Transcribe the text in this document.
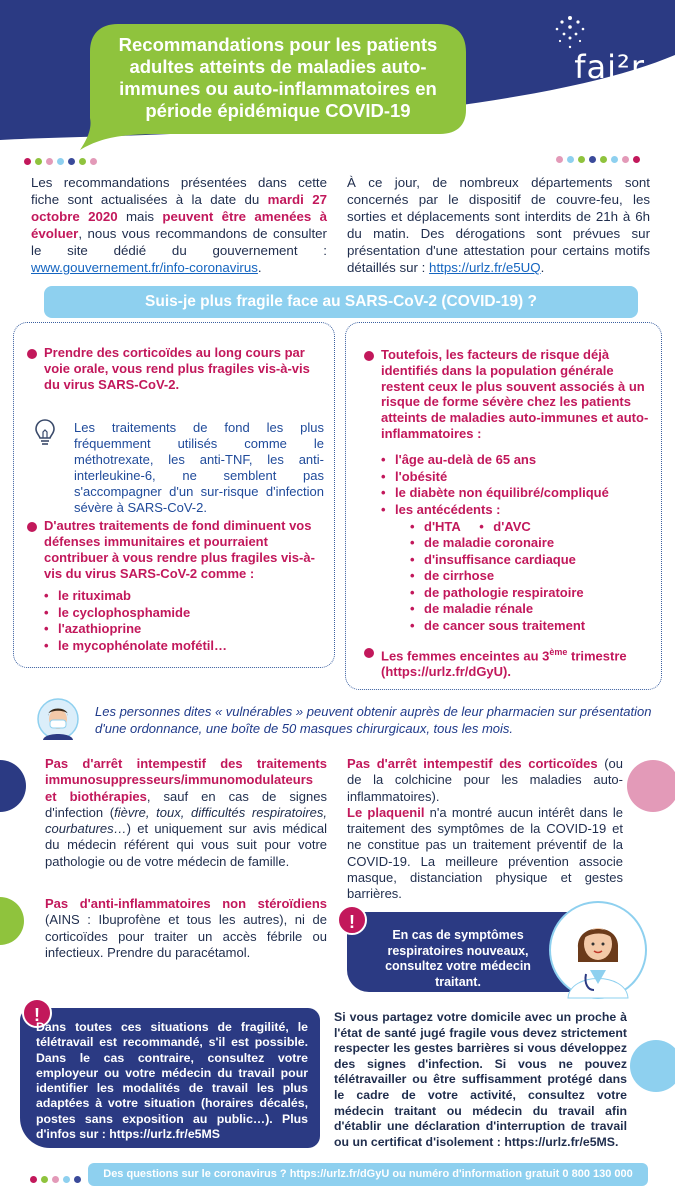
Recommandations pour les patients adultes atteints de maladies auto-immunes ou auto-inflammatoires en période épidémique COVID-19
fai²r
Les recommandations présentées dans cette fiche sont actualisées à la date du mardi 27 octobre 2020 mais peuvent être amenées à évoluer, nous vous recommandons de consulter le site dédié du gouvernement : www.gouvernement.fr/info-coronavirus.
À ce jour, de nombreux départements sont concernés par le dispositif de couvre-feu, les sorties et déplacements sont interdits de 21h à 6h du matin. Des dérogations sont prévues sur présentation d'une attestation pour certains motifs détaillés sur : https://urlz.fr/e5UQ.
Suis-je plus fragile face au SARS-CoV-2 (COVID-19) ?
Prendre des corticoïdes au long cours par voie orale, vous rend plus fragiles vis-à-vis du virus SARS-CoV-2.
Les traitements de fond les plus fréquemment utilisés comme le méthotrexate, les anti-TNF, les anti-interleukine-6, ne semblent pas s'accompagner d'un sur-risque d'infection sévère à SARS-CoV-2.
D'autres traitements de fond diminuent vos défenses immunitaires et pourraient contribuer à vous rendre plus fragiles vis-à-vis du virus SARS-CoV-2 comme :
• le rituximab
• le cyclophosphamide
• l'azathioprine
• le mycophénolate mofétil…
Toutefois, les facteurs de risque déjà identifiés dans la population générale restent ceux le plus souvent associés à un risque de forme sévère chez les patients atteints de maladies auto-immunes et auto-inflammatoires :
• l'âge au-delà de 65 ans
• l'obésité
• le diabète non équilibré/compliqué
• les antécédents :
• d'HTA

•	d'AVC
• de maladie coronaire
• d'insuffisance cardiaque
• de cirrhose
• de pathologie respiratoire
• de maladie rénale
• de cancer sous traitement
Les femmes enceintes au 3ème trimestre
(https://urlz.fr/dGyU).
Les personnes dites « vulnérables » peuvent obtenir auprès de leur pharmacien sur présentation d'une ordonnance, une boîte de 50 masques chirurgicaux, tous les mois.
Pas d'arrêt intempestif des traitements immunosuppresseurs/immunomodulateurs et biothérapies, sauf en cas de signes d'infection (fièvre, toux, difficultés respiratoires, courbatures…) et uniquement sur avis médical du médecin référent qui vous suit pour votre pathologie ou de votre médecin de famille.
Pas d'anti-inflammatoires non stéroïdiens (AINS : Ibuprofène et tous les autres), ni de corticoïdes pour traiter un accès fébrile ou infectieux. Prendre du paracétamol.
Pas d'arrêt intempestif des corticoïdes (ou de la colchicine pour les maladies auto-inflammatoires).
Le plaquenil n'a montré aucun intérêt dans le traitement des symptômes de la COVID-19 et ne constitue pas un traitement préventif de la COVID-19. La meilleure prévention associe masque, distanciation physique et gestes barrières.
!
En cas de symptômes respiratoires nouveaux, consultez votre médecin traitant.
!
Dans toutes ces situations de fragilité, le télétravail est recommandé, s'il est possible. Dans le cas contraire, consultez votre employeur ou votre médecin du travail pour identifier les modalités de travail les plus adaptées à votre situation (horaires décalés, postes sans exposition au public…). Plus d'infos sur : https://urlz.fr/e5MS
Si vous partagez votre domicile avec un proche à l'état de santé jugé fragile vous devez strictement respecter les gestes barrières si vous développez des signes d'infection. Si vous ne pouvez télétravailler ou être suffisamment protégé dans le cadre de votre activité, consultez votre médecin traitant ou médecin du travail afin d'établir une déclaration d'interruption de travail ou un certificat d'isolement : https://urlz.fr/e5MS.
Des questions sur le coronavirus ? https://urlz.fr/dGyU ou numéro d'information gratuit 0 800 130 000
